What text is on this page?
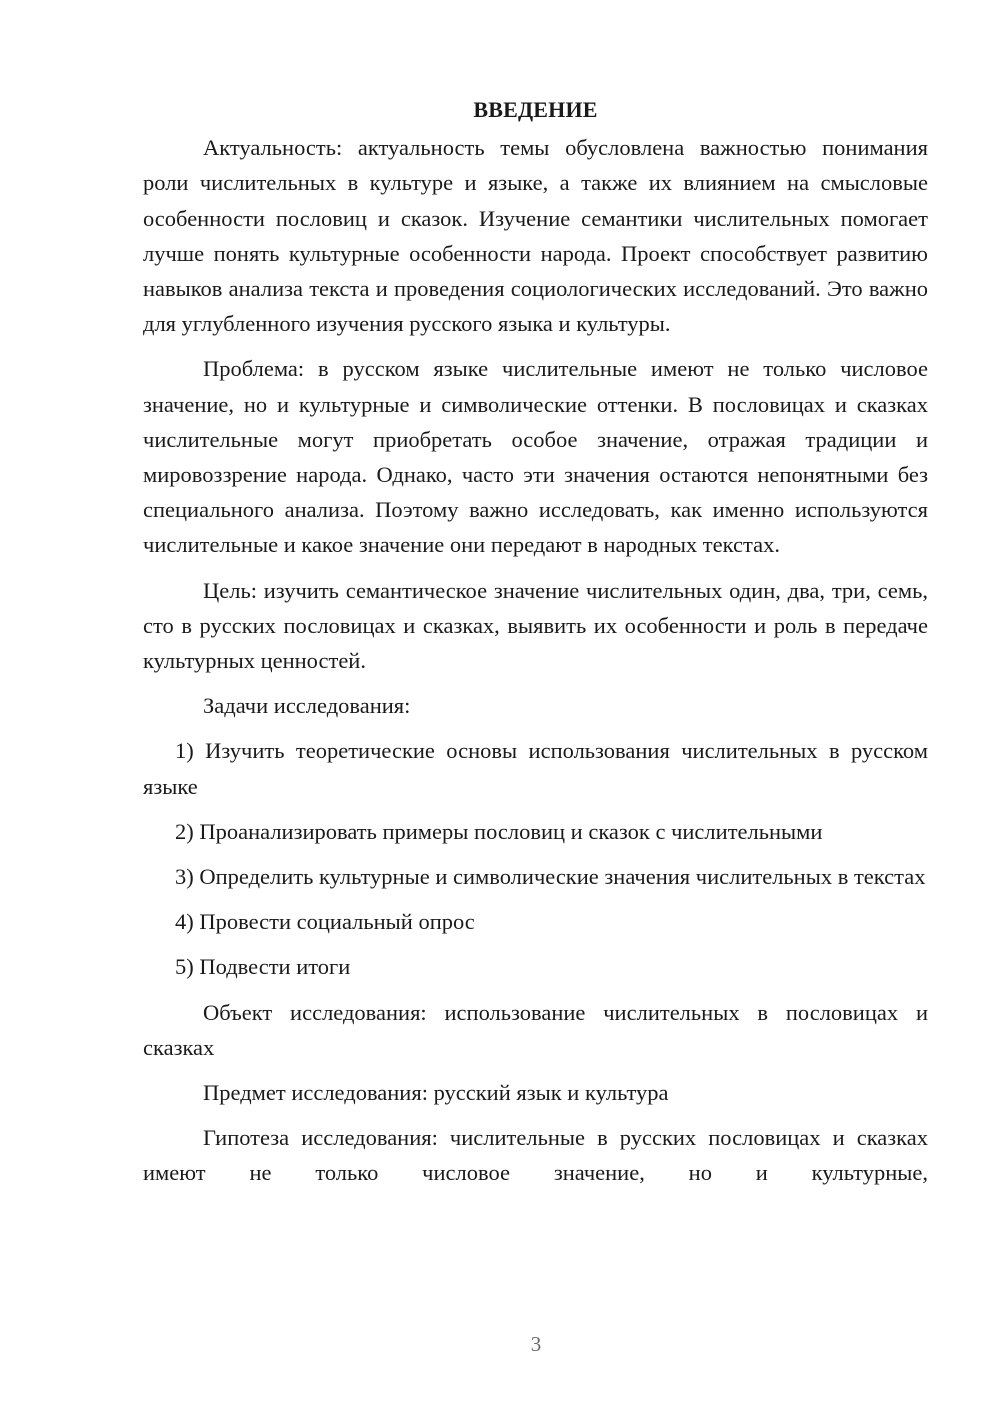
ВВЕДЕНИЕ

Актуальность: актуальность темы обусловлена важностью понимания роли числительных в культуре и языке, а также их влиянием на смысловые особенности пословиц и сказок. Изучение семантики числительных помогает лучше понять культурные особенности народа. Проект способствует развитию навыков анализа текста и проведения социологических исследований. Это важно для углубленного изучения русского языка и культуры.

Проблема: в русском языке числительные имеют не только числовое значение, но и культурные и символические оттенки. В пословицах и сказках числительные могут приобретать особое значение, отражая традиции и мировоззрение народа. Однако, часто эти значения остаются непонятными без специального анализа. Поэтому важно исследовать, как именно используются числительные и какое значение они передают в народных текстах.

Цель: изучить семантическое значение числительных один, два, три, семь, сто в русских пословицах и сказках, выявить их особенности и роль в передаче культурных ценностей.

Задачи исследования:

1) Изучить теоретические основы использования числительных в русском языке

2) Проанализировать примеры пословиц и сказок с числительными

3) Определить культурные и символические значения числительных в текстах

4) Провести социальный опрос

5) Подвести итоги

Объект исследования: использование числительных в пословицах и сказках

Предмет исследования: русский язык и культура

Гипотеза исследования: числительные в русских пословицах и сказках имеют не только числовое значение, но и культурные,

3
